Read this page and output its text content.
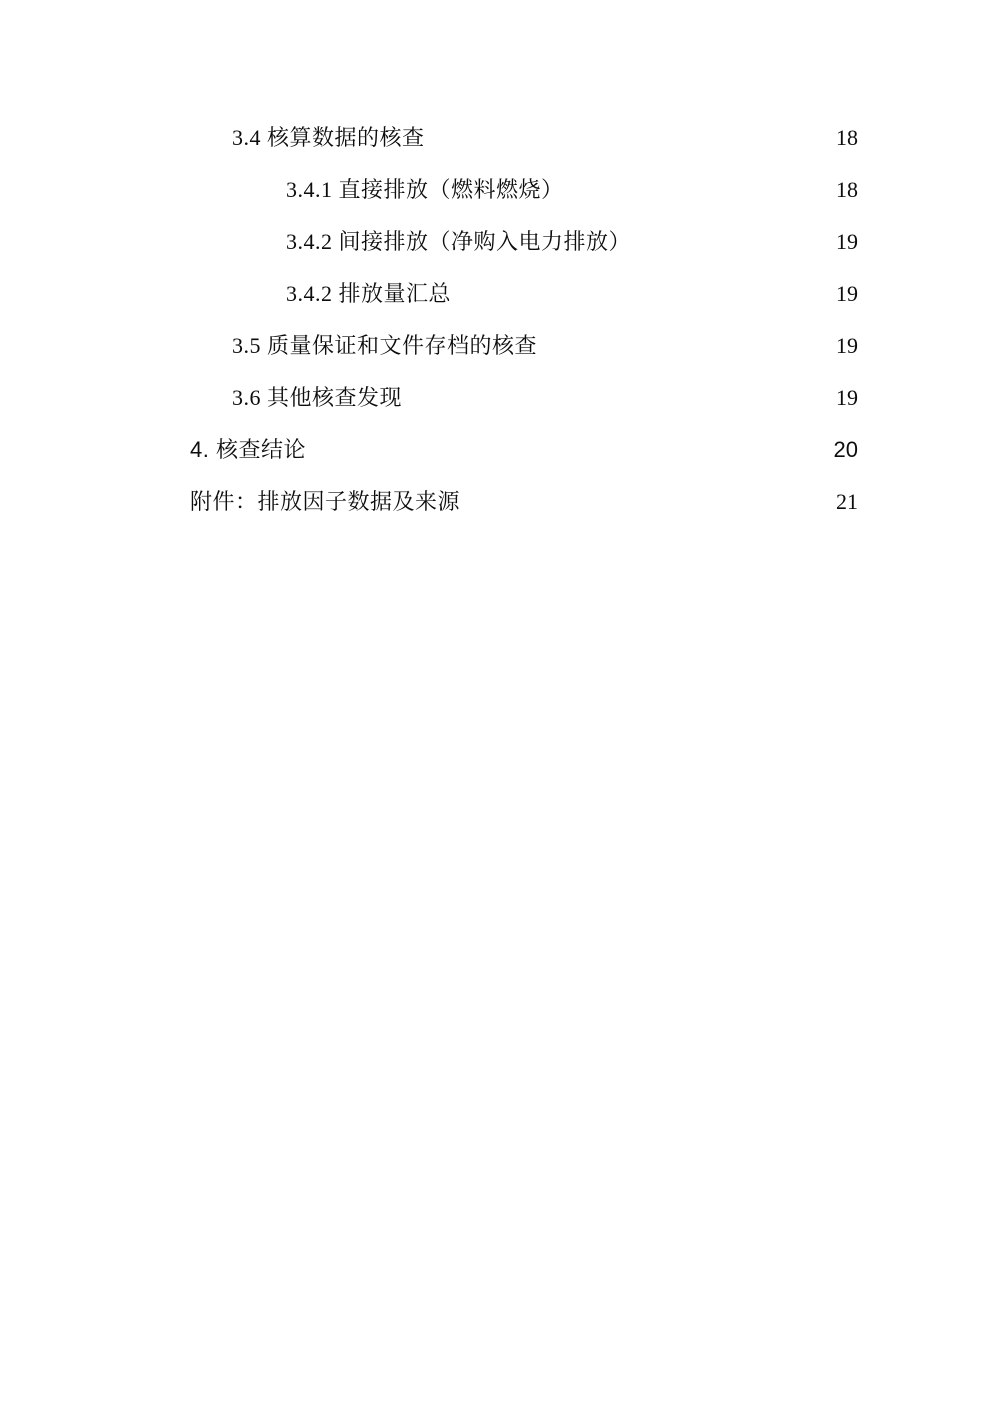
3.4 核算数据的核查 . . .	18
3.4.1 直接排放（燃料燃烧） . . .	18
3.4.2 间接排放（净购入电力排放） . . .	19
3.4.2 排放量汇总 . . .	19
3.5 质量保证和文件存档的核查 . . .	19
3.6 其他核查发现 . . .	19
4. 核查结论 . . .	20
附件：排放因子数据及来源 . . .	21
